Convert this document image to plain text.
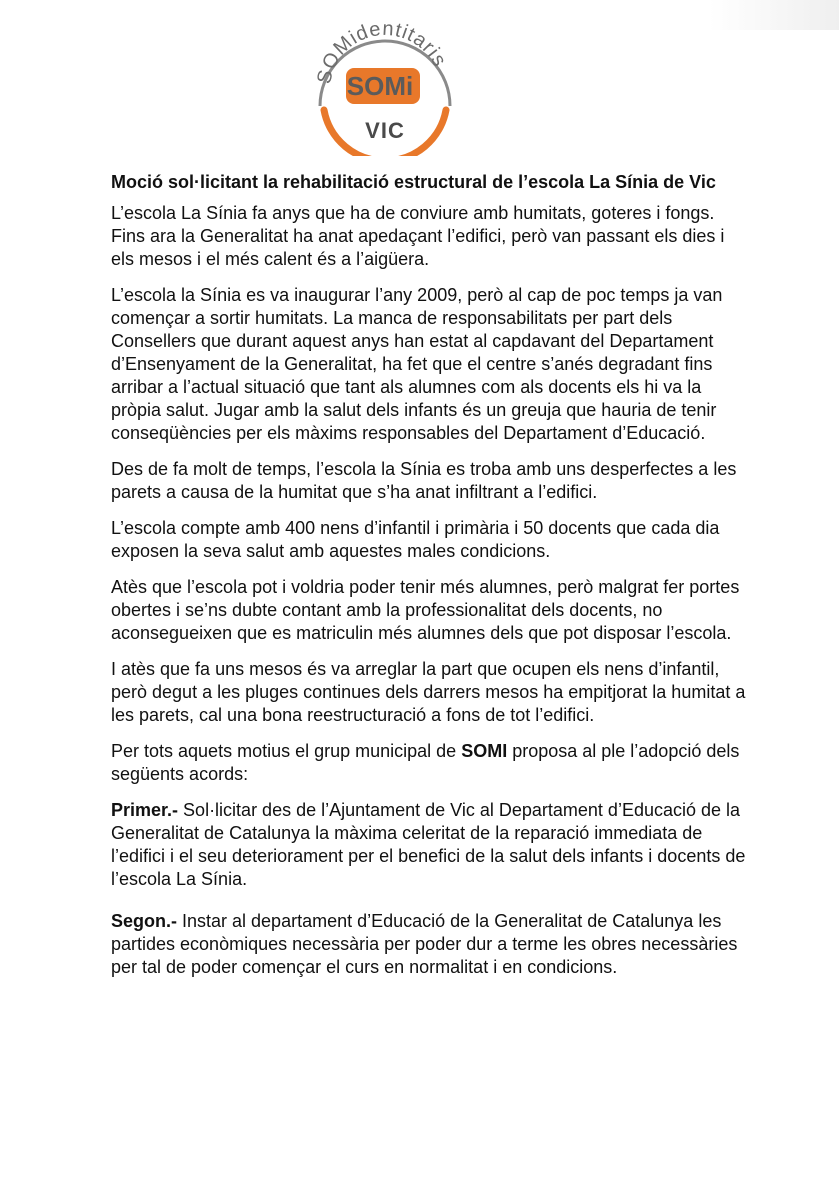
SOMidentitaris
SOMi
VIC
Moció sol·licitant la rehabilitació estructural de l’escola La Sínia de Vic
L’escola La Sínia fa anys que ha de conviure amb humitats, goteres i fongs. Fins ara la Generalitat ha anat apedaçant l’edifici, però van passant els dies i els mesos i el més calent és a l’aigüera.
L’escola la Sínia es va inaugurar l’any 2009, però al cap de poc temps ja van començar a sortir humitats. La manca de responsabilitats per part dels Consellers que durant aquest anys han estat al capdavant del Departament d’Ensenyament de la Generalitat, ha fet que el centre s’anés degradant fins arribar a l’actual situació que tant als alumnes com als docents els hi va la pròpia salut. Jugar amb la salut dels infants és un greuja que hauria de tenir conseqüències per els màxims responsables del Departament d’Educació.
Des de fa molt de temps, l’escola la Sínia es troba amb uns desperfectes a les parets a causa de la humitat que s’ha anat infiltrant a l’edifici.
L’escola compte amb 400 nens d’infantil i primària i 50 docents que cada dia exposen la seva salut amb aquestes males condicions.
Atès que l’escola pot i voldria poder tenir més alumnes, però malgrat fer portes obertes i se’ns dubte contant amb la professionalitat dels docents, no aconsegueixen que es matriculin més alumnes dels que pot disposar l’escola.
I atès que fa uns mesos és va arreglar la part que ocupen els nens d’infantil, però degut a les pluges continues dels darrers mesos ha empitjorat la humitat a les parets, cal una bona reestructuració a fons de tot l’edifici.
Per tots aquets motius el grup municipal de SOMI proposa al ple l’adopció dels següents acords:
Primer.- Sol·licitar des de l’Ajuntament de Vic al Departament d’Educació de la Generalitat de Catalunya la màxima celeritat de la reparació immediata de l’edifici i el seu deteriorament per el benefici de la salut dels infants i docents de l’escola La Sínia.
Segon.- Instar al departament d’Educació de la Generalitat de Catalunya les partides econòmiques necessària per poder dur a terme les obres necessàries per tal de poder començar el curs en normalitat i en condicions.
